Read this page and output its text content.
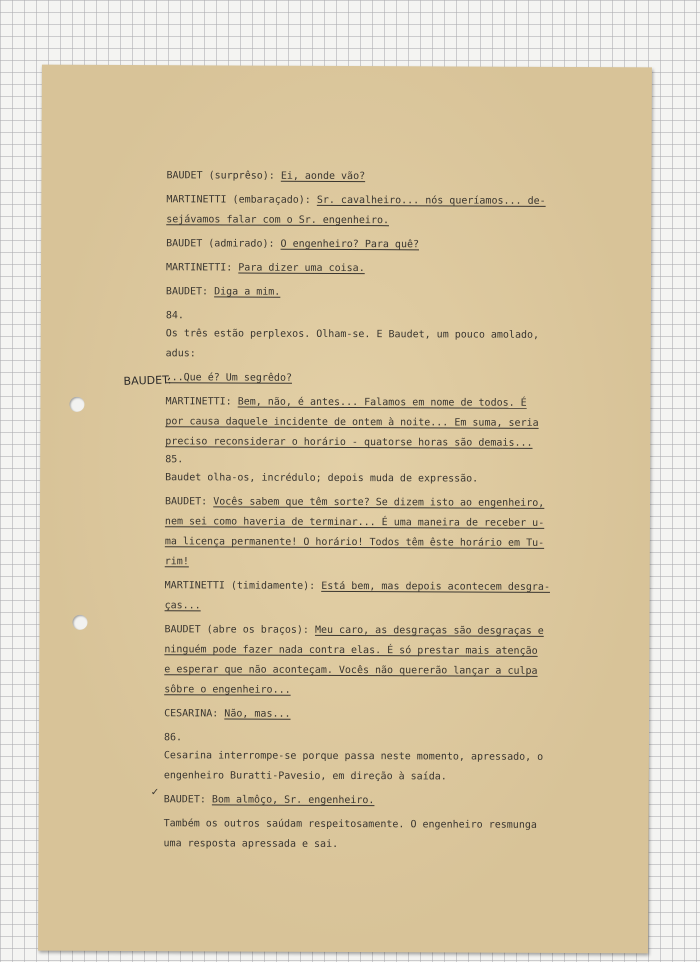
BAUDET:
✓
BAUDET (surprêso): Ei, aonde vão?
MARTINETTI (embaraçado): Sr. cavalheiro... nós queríamos... de-
sejávamos falar com o Sr. engenheiro.
BAUDET (admirado): O engenheiro? Para quê?
MARTINETTI: Para dizer uma coisa.
BAUDET: Diga a mim.
84.
Os três estão perplexos. Olham-se. E Baudet, um pouco amolado,
adus:
...Que é? Um segrêdo?
MARTINETTI: Bem, não, é antes... Falamos em nome de todos. É
por causa daquele incidente de ontem à noite... Em suma, seria
preciso reconsiderar o horário - quatorse horas são demais...
85.
Baudet olha-os, incrédulo; depois muda de expressão.
BAUDET: Vocês sabem que têm sorte? Se dizem isto ao engenheiro,
nem sei como haveria de terminar... É uma maneira de receber u-
ma licença permanente! O horário! Todos têm êste horário em Tu-
rim!
MARTINETTI (timidamente): Está bem, mas depois acontecem desgra-
ças...
BAUDET (abre os braços): Meu caro, as desgraças são desgraças e
ninguém pode fazer nada contra elas. É só prestar mais atenção
e esperar que não aconteçam. Vocês não quererão lançar a culpa
sôbre o engenheiro...
CESARINA: Não, mas...
86.
Cesarina interrompe-se porque passa neste momento, apressado, o
engenheiro Buratti-Pavesio, em direção à saída.
BAUDET: Bom almôço, Sr. engenheiro.
Também os outros saúdam respeitosamente. O engenheiro resmunga
uma resposta apressada e sai.
